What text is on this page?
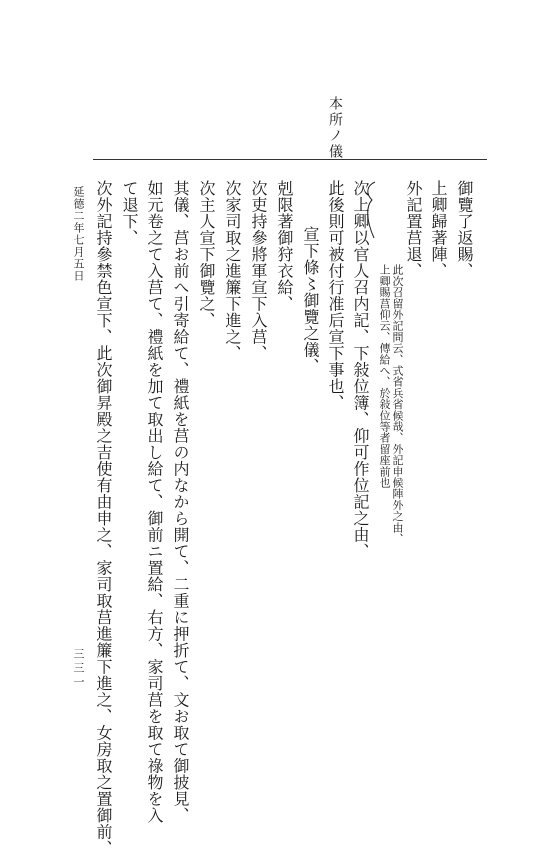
本所ノ儀
御覽了返賜、
上卿歸著陣、
外記置莒退、
此次召留外記問云、式省兵省候哉、外記申候陣外之由、
上卿賜莒仰云、傳給へ、於敍位等者留座前也
次上卿以官人召内記、下敍位簿、仰可作位記之由、
此後則可被付行准后宣下事也、
宣下條〻御覽之儀、
剋限著御狩衣給、
次吏持參將軍宣下入莒、
次家司取之進簾下進之、
次主人宣下御覽之、
其儀、莒お前へ引寄給て、禮紙を莒の内なから開て、二重に押折て、文お取て御披見、
如元卷之て入莒て、禮紙を加て取出し給て、御前ニ置給、右方、家司莒を取て祿物を入
て退下、
次外記持參禁色宣下、此次御昇殿之吉使有由申之、家司取莒進簾下進之、女房取之置御前、
延德二年七月五日
三三一
